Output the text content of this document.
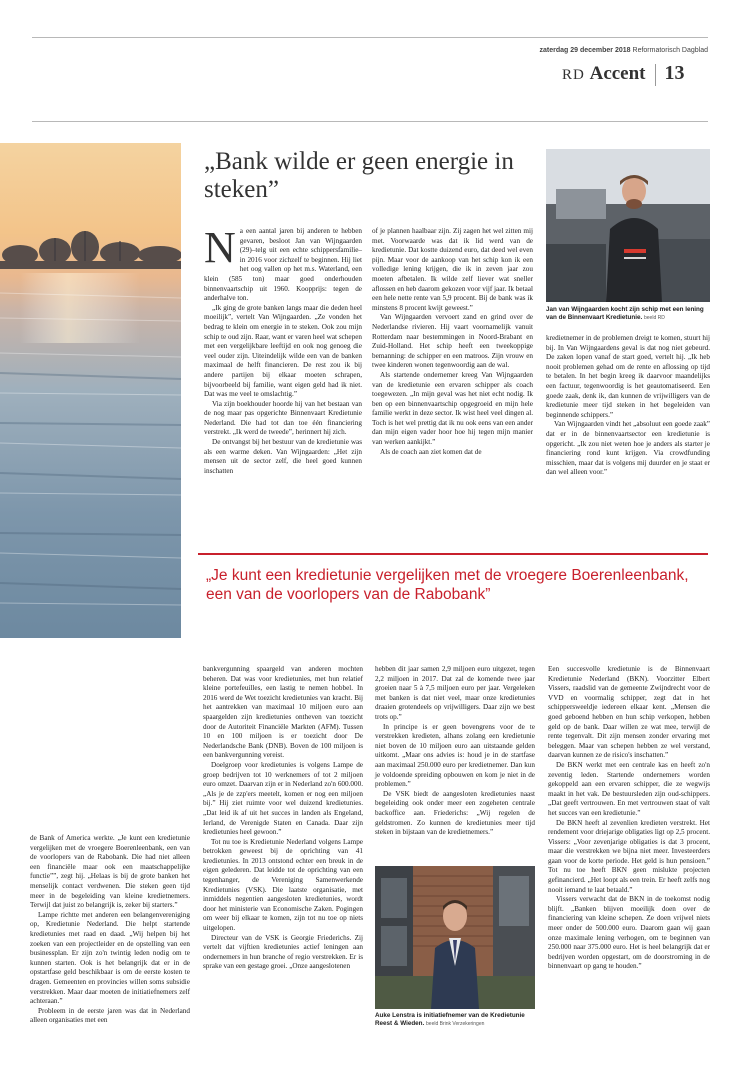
zaterdag 29 december 2018 Reformatorisch Dagblad
RD Accent 13
„Bank wilde er geen energie in steken”
N a een aantal jaren bij anderen te hebben gevaren, besloot Jan van Wijngaarden (29)–telg uit een echte schippersfamilie– in 2016 voor zichzelf te beginnen. Hij liet het oog vallen op het m.s. Waterland, een klein (585 ton) maar goed onderhouden binnenvaartschip uit 1960. Koopprijs: tegen de anderhalve ton.

„Ik ging de grote banken langs maar die deden heel moeilijk”, vertelt Van Wijngaarden. „Ze vonden het bedrag te klein om energie in te steken. Ook zou mijn schip te oud zijn. Raar, want er varen heel wat schepen met een vergelijkbare leeftijd en ook nog genoeg die veel ouder zijn. Uiteindelijk wilde een van de banken maximaal de helft financieren. De rest zou ik bij andere partijen bij elkaar moeten schrapen, bijvoorbeeld bij familie, want eigen geld had ik niet. Dat was me veel te omslachtig.”

Via zijn boekhouder hoorde hij van het bestaan van de nog maar pas opgerichte Binnenvaart Kredietunie Nederland. Die had tot dan toe één financiering verstrekt. „Ik werd de tweede”, herinnert hij zich.

De ontvangst bij het bestuur van de kredietunie was als een warme deken. Van Wijngaarden: „Het zijn mensen uit de sector zelf, die heel goed kunnen inschatten

of je plannen haalbaar zijn. Zij zagen het wel zitten mij met. Voorwaarde was dat ik lid werd van de kredietunie. Dat kostte duizend euro, dat deed wel even pijn. Maar voor de aankoop van het schip kon ik een volledige lening krijgen, die ik in zeven jaar zou moeten afbetalen. Ik wilde zelf liever wat sneller aflossen en heb daarom gekozen voor vijf jaar. Ik betaal een hele nette rente van 5,9 procent. Bij de bank was ik minstens 8 procent kwijt geweest.”

Van Wijngaarden vervoert zand en grind over de Nederlandse rivieren. Hij vaart voornamelijk vanuit Rotterdam naar bestemmingen in Noord-Brabant en Zuid-Holland. Het schip heeft een tweekoppige bemanning: de schipper en een matroos. Zijn vrouw en twee kinderen wonen tegenwoordig aan de wal.

Als startende ondernemer kreeg Van Wijngaarden van de kredietunie een ervaren schipper als coach toegewezen. „In mijn geval was het niet echt nodig. Ik ben op een binnenvaartschip opgegroeid en mijn hele familie werkt in deze sector. Ik wist heel veel dingen al. Toch is het wel prettig dat ik nu ook eens van een ander dan mijn eigen vader hoor hoe hij tegen mijn manier van werken aankijkt.”

Als de coach aan ziet komen dat de

Jan van Wijngaarden kocht zijn schip met een lening van de Binnenvaart Kredietunie. beeld RD

kredietnemer in de problemen dreigt te komen, stuurt hij bij. In Van Wijngaardens geval is dat nog niet gebeurd. De zaken lopen vanaf de start goed, vertelt hij. „Ik heb nooit problemen gehad om de rente en aflossing op tijd te betalen. In het begin kreeg ik daarvoor maandelijks een factuur, tegenwoordig is het geautomatiseerd. Een goede zaak, denk ik, dan kunnen de vrijwilligers van de kredietunie meer tijd steken in het begeleiden van beginnende schippers.”

Van Wijngaarden vindt het „absoluut een goede zaak” dat er in de binnenvaartsector een kredietunie is opgericht. „Ik zou niet weten hoe je anders als starter je financiering rond kunt krijgen. Via crowdfunding misschien, maar dat is volgens mij duurder en je staat er dan wel alleen voor.”

„Je kunt een kredietunie vergelijken met de vroegere Boerenleenbank, een van de voorlopers van de Rabobank”

de Bank of America werkte. „Je kunt een kredietunie vergelijken met de vroegere Boerenleenbank, een van de voorlopers van de Rabobank. Die had niet alleen een financiële maar ook een maatschappelijke functie””, zegt hij. „Helaas is bij de grote banken het menselijk contact verdwenen. Die steken geen tijd meer in de begeleiding van kleine kredietnemers. Terwijl dat juist zo belangrijk is, zeker bij starters.”

Lampe richtte met anderen een belangenvereniging op, Kredietunie Nederland. Die helpt startende kredietunies met raad en daad. „Wij helpen bij het zoeken van een projectleider en de opstelling van een businessplan. Er zijn zo'n twintig leden nodig om te kunnen starten. Ook is het belangrijk dat er in de opstartfase geld beschikbaar is om de eerste kosten te dragen. Gemeenten en provincies willen soms subsidie verstrekken. Maar daar moeten de initiatiefnemers zelf achteraan.”

Probleem in de eerste jaren was dat in Nederland alleen organisaties met een

bankvergunning spaargeld van anderen mochten beheren. Dat was voor kredietunies, met hun relatief kleine portefeuilles, een lastig te nemen hobbel. In 2016 werd de Wet toezicht kredietunies van kracht. Bij het aantrekken van maximaal 10 miljoen euro aan spaargelden zijn kredietunies ontheven van toezicht door de Autoriteit Financiële Markten (AFM). Tussen 10 en 100 miljoen is er toezicht door De Nederlandsche Bank (DNB). Boven de 100 miljoen is een bankvergunning vereist.

Doelgroep voor kredietunies is volgens Lampe de groep bedrijven tot 10 werknemers of tot 2 miljoen euro omzet. Daarvan zijn er in Nederland zo'n 600.000. „Als je de zzp'ers meetelt, komen er nog een miljoen bij.” Hij ziet ruimte voor wel duizend kredietunies. „Dat leid ik af uit het succes in landen als Engeland, Ierland, de Verenigde Staten en Canada. Daar zijn kredietunies heel gewoon.”

Tot nu toe is Kredietunie Nederland volgens Lampe betrokken geweest bij de oprichting van 41 kredietunies. In 2013 ontstond echter een breuk in de eigen gelederen. Dat leidde tot de oprichting van een tegenhanger, de Vereniging Samenwerkende Kredietunies (VSK). Die laatste organisatie, met inmiddels negentien aangesloten kredietunies, wordt door het ministerie van Economische Zaken. Pogingen om weer bij elkaar te komen, zijn tot nu toe op niets uitgelopen.

Directeur van de VSK is Georgie Friederichs. Zij vertelt dat vijftien kredietunies actief leningen aan ondernemers in hun branche of regio verstrekken. Er is sprake van een gestage groei. „Onze aangeslotenen

hebben dit jaar samen 2,9 miljoen euro uitgezet, tegen 2,2 miljoen in 2017. Dat zal de komende twee jaar groeien naar 5 à 7,5 miljoen euro per jaar. Vergeleken met banken is dat niet veel, maar onze kredietunies draaien grotendeels op vrijwilligers. Daar zijn we best trots op.”

In principe is er geen bovengrens voor de te verstrekken kredieten, alhans zolang een kredietunie niet boven de 10 miljoen euro aan uitstaande gelden uitkomt. „Maar ons advies is: houd je in de startfase aan maximaal 250.000 euro per kredietnemer. Dan kun je voldoende spreiding opbouwen en kom je niet in de problemen.”

De VSK biedt de aangesloten kredietunies naast begeleiding ook onder meer een zogeheten centrale backoffice aan. Friederichs: „Wij regelen de geldstromen. Zo kunnen de kredietunies meer tijd steken in bijstaan van de kredietnemers.”

Auke Lenstra is initiatiefnemer van de Kredietunie Reest & Wieden. beeld Brink Verzekeringen

Een succesvolle kredietunie is de Binnenvaart Kredietunie Nederland (BKN). Voorzitter Elbert Vissers, raadslid van de gemeente Zwijndrecht voor de VVD en voormalig schipper, zegt dat in het schippersweeldje iedereen elkaar kent. „Mensen die goed geboend hebben en hun schip verkopen, hebben geld op de bank. Daar willen ze wat mee, terwijl de rente tegenvalt. Dit zijn mensen zonder ervaring met beleggen. Maar van schepen hebben ze wel verstand, daarvan kunnen ze de risico's inschatten.”

De BKN werkt met een centrale kas en heeft zo'n zeventig leden. Startende ondernemers worden gekoppeld aan een ervaren schipper, die ze wegwijs maakt in het vak. De bestuursleden zijn oud-schippers. „Dat geeft vertrouwen. En met vertrouwen staat of valt het succes van een kredietunie.”

De BKN heeft al zevenlien kredieten verstrekt. Het rendement voor driejarige obligaties ligt op 2,5 procent. Vissers: „Voor zevenjarige obligaties is dat 3 procent, maar die verstrekken we bijna niet meer. Investeerders gaan voor de korte periode. Het geld is hun pensioen.” Tot nu toe heeft BKN geen mislukte projecten gefinancierd. „Het loopt als een trein. Er heeft zelfs nog nooit iemand te laat betaald.”

Vissers verwacht dat de BKN in de toekomst nodig blijft. „Banken blijven moeilijk doen over de financiering van kleine schepen. Ze doen vrijwel niets meer onder de 500.000 euro. Daarom gaan wij gaan onze maximale lening verhogen, om te beginnen van 250.000 naar 375.000 euro. Het is heel belangrijk dat er bedrijven worden opgestart, om de doorstroming in de binnenvaart op gang te houden.”
